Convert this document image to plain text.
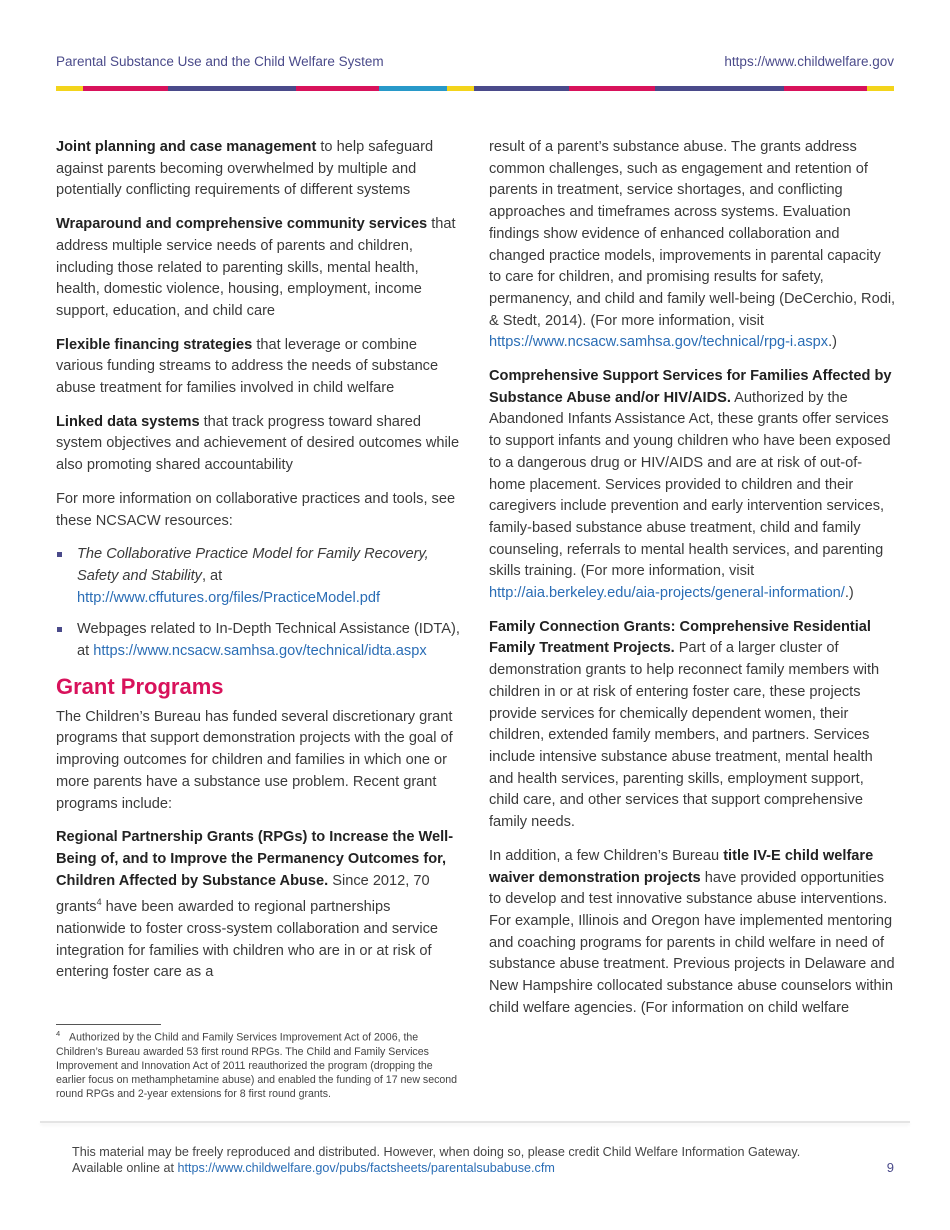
Parental Substance Use and the Child Welfare System	https://www.childwelfare.gov

Joint planning and case management to help safeguard against parents becoming overwhelmed by multiple and potentially conflicting requirements of different systems

Wraparound and comprehensive community services that address multiple service needs of parents and children, including those related to parenting skills, mental health, health, domestic violence, housing, employment, income support, education, and child care

Flexible financing strategies that leverage or combine various funding streams to address the needs of substance abuse treatment for families involved in child welfare

Linked data systems that track progress toward shared system objectives and achievement of desired outcomes while also promoting shared accountability

For more information on collaborative practices and tools, see these NCSACW resources:

The Collaborative Practice Model for Family Recovery, Safety and Stability, at http://www.cffutures.org/files/PracticeModel.pdf
Webpages related to In-Depth Technical Assistance (IDTA), at https://www.ncsacw.samhsa.gov/technical/idta.aspx
Grant Programs

The Children’s Bureau has funded several discretionary grant programs that support demonstration projects with the goal of improving outcomes for children and families in which one or more parents have a substance use problem. Recent grant programs include:

Regional Partnership Grants (RPGs) to Increase the Well-Being of, and to Improve the Permanency Outcomes for, Children Affected by Substance Abuse. Since 2012, 70 grants$^4$ have been awarded to regional partnerships nationwide to foster cross-system collaboration and service integration for families with children who are in or at risk of entering foster care as a

$^4$ Authorized by the Child and Family Services Improvement Act of 2006, the Children’s Bureau awarded 53 first round RPGs. The Child and Family Services Improvement and Innovation Act of 2011 reauthorized the program (dropping the earlier focus on methamphetamine abuse) and enabled the funding of 17 new second round RPGs and 2-year extensions for 8 first round grants.

result of a parent’s substance abuse. The grants address common challenges, such as engagement and retention of parents in treatment, service shortages, and conflicting approaches and timeframes across systems. Evaluation findings show evidence of enhanced collaboration and changed practice models, improvements in parental capacity to care for children, and promising results for safety, permanency, and child and family well-being (DeCerchio, Rodi, & Stedt, 2014). (For more information, visit https://www.ncsacw.samhsa.gov/technical/rpg-i.aspx.)

Comprehensive Support Services for Families Affected by Substance Abuse and/or HIV/AIDS. Authorized by the Abandoned Infants Assistance Act, these grants offer services to support infants and young children who have been exposed to a dangerous drug or HIV/AIDS and are at risk of out-of-home placement. Services provided to children and their caregivers include prevention and early intervention services, family-based substance abuse treatment, child and family counseling, referrals to mental health services, and parenting skills training. (For more information, visit http://aia.berkeley.edu/aia-projects/general-information/.)

Family Connection Grants: Comprehensive Residential Family Treatment Projects. Part of a larger cluster of demonstration grants to help reconnect family members with children in or at risk of entering foster care, these projects provide services for chemically dependent women, their children, extended family members, and partners. Services include intensive substance abuse treatment, mental health and health services, parenting skills, employment support, child care, and other services that support comprehensive family needs.

In addition, a few Children’s Bureau title IV-E child welfare waiver demonstration projects have provided opportunities to develop and test innovative substance abuse interventions. For example, Illinois and Oregon have implemented mentoring and coaching programs for parents in child welfare in need of substance abuse treatment. Previous projects in Delaware and New Hampshire collocated substance abuse counselors within child welfare agencies. (For information on child welfare

This material may be freely reproduced and distributed. However, when doing so, please credit Child Welfare Information Gateway.
Available online at https://www.childwelfare.gov/pubs/factsheets/parentalsubabuse.cfm	9
